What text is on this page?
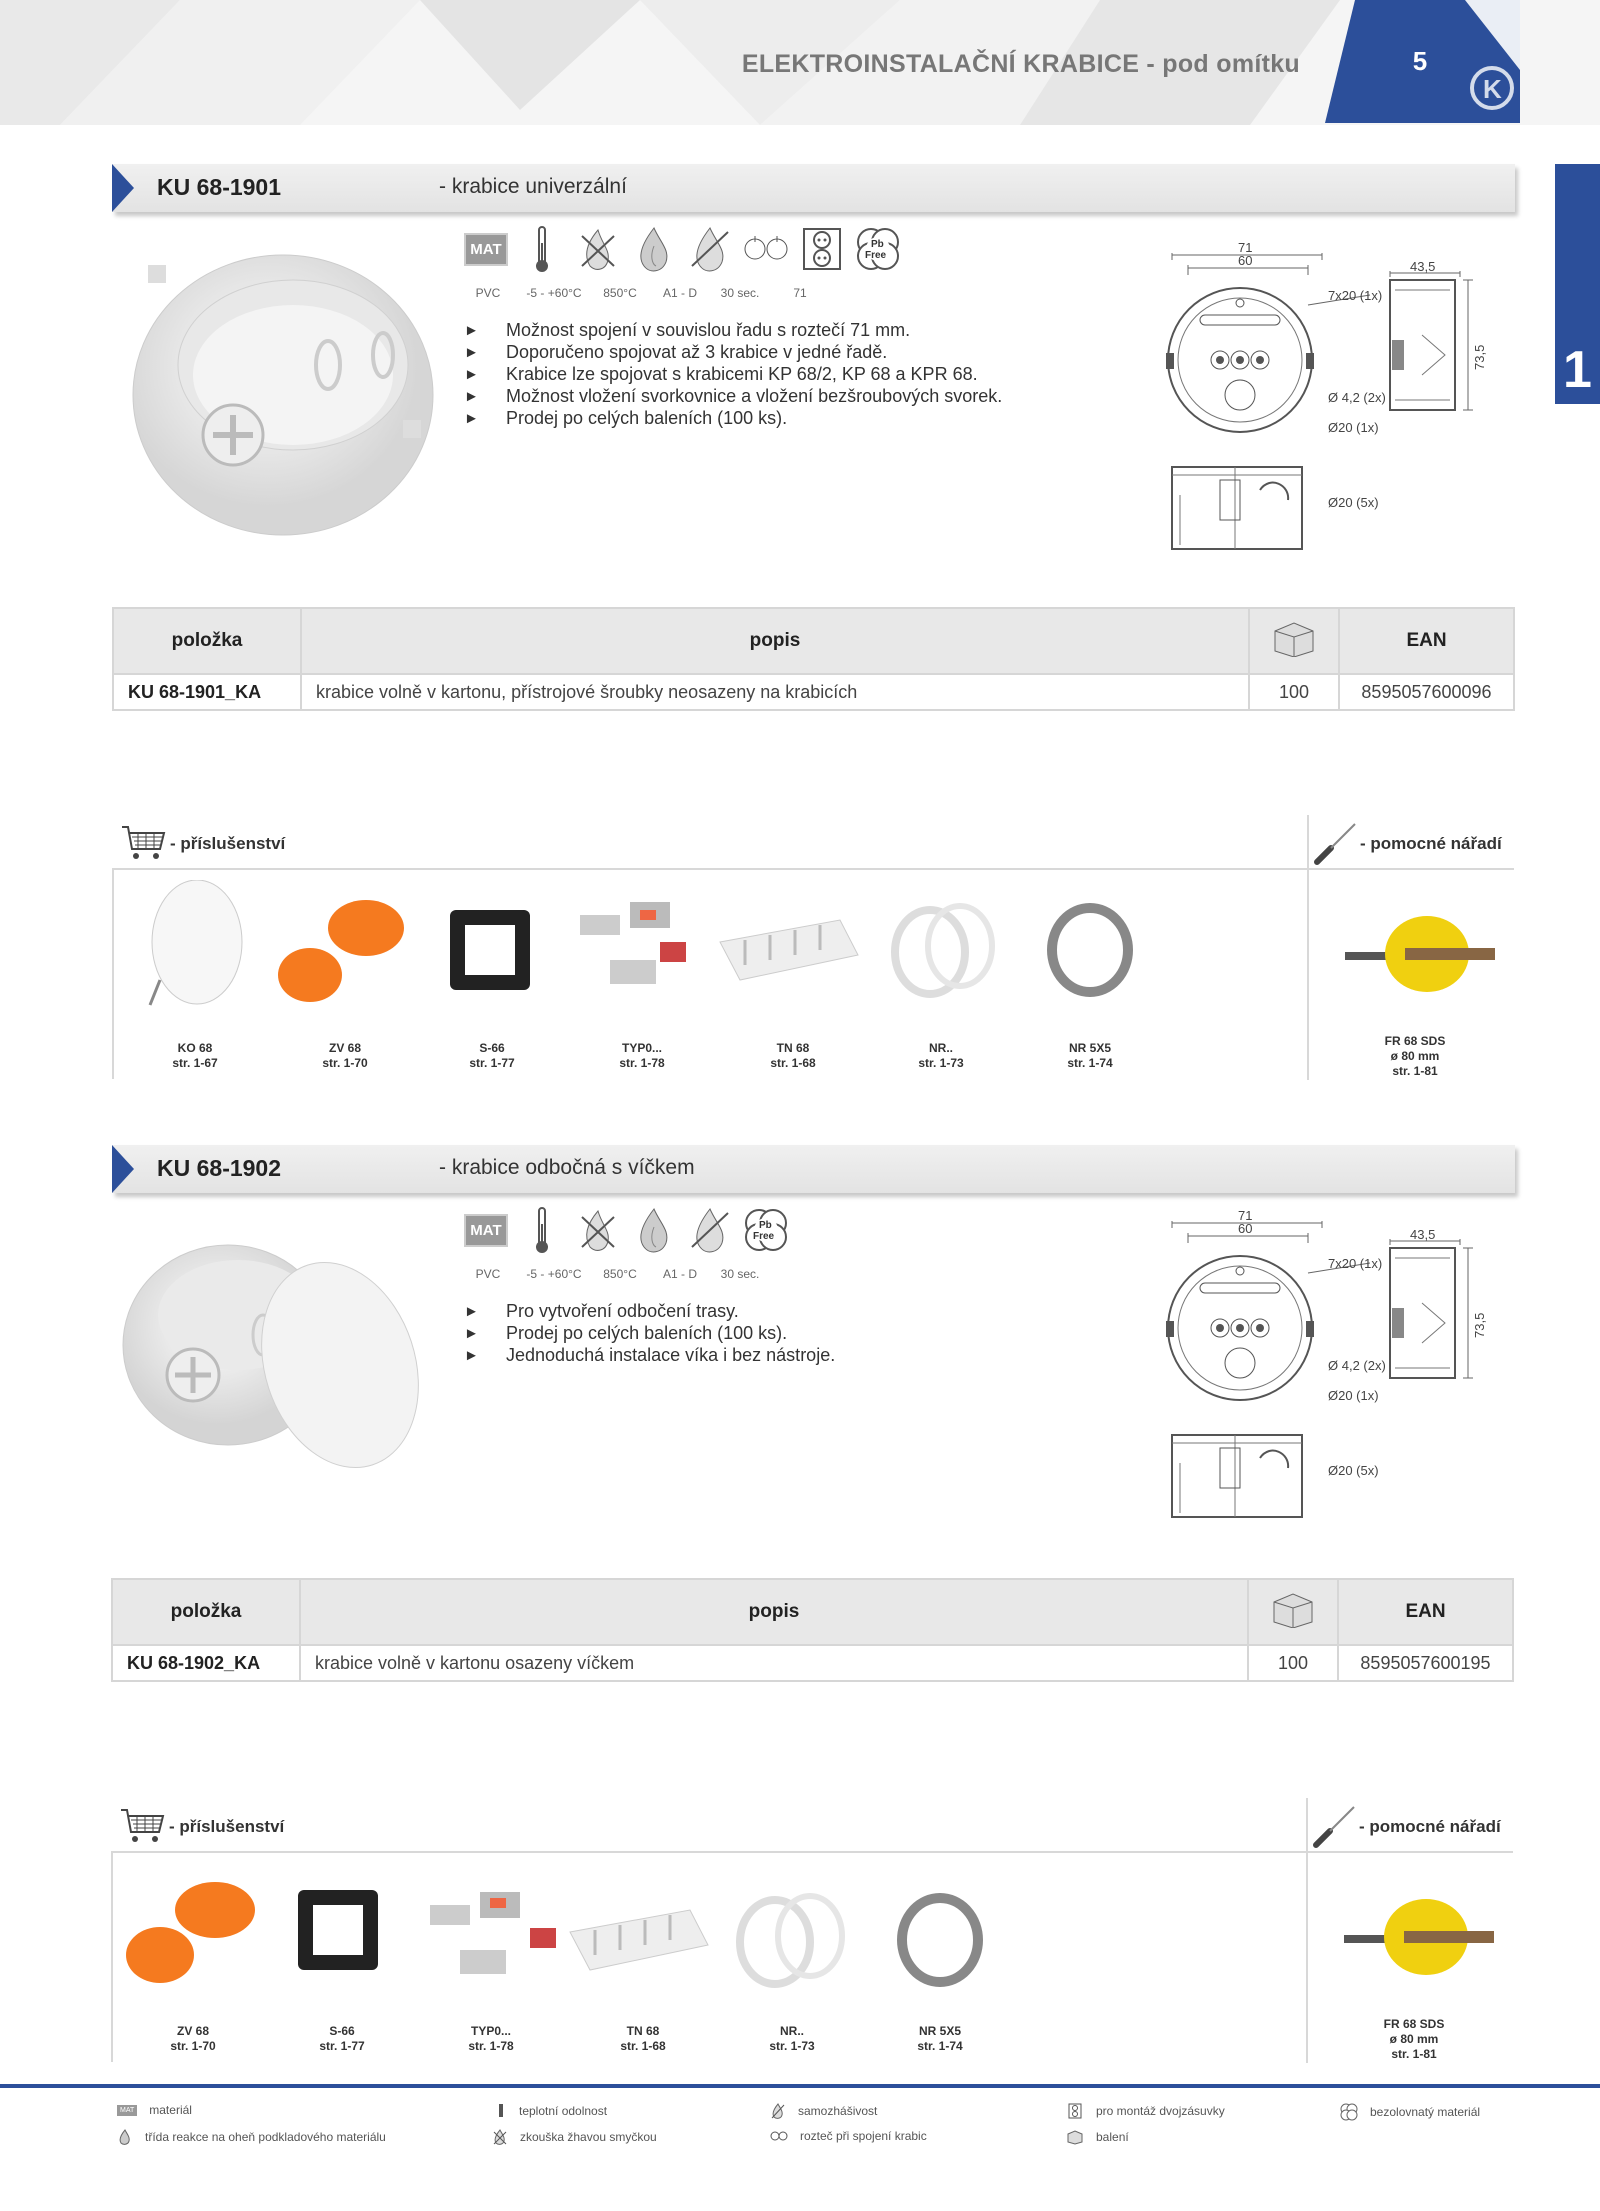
ELEKTROINSTALAČNÍ KRABICE - pod omítku
K
5
1
KU 68-1901	- krabice univerzální
MAT	Pb
Free
PVC	-5 - +60°C	850°C	A1 - D	30 sec.	71
► Možnost spojení v souvislou řadu s roztečí 71 mm.
► Doporučeno spojovat až 3 krabice v jedné řadě.
► Krabice lze spojovat s krabicemi KP 68/2, KP 68 a KPR 68.
► Možnost vložení svorkovnice a vložení bezšroubových svorek.
► Prodej po celých baleních (100 ks).
71
60
7x20 (1x)
Ø 4,2 (2x)
Ø20 (1x)
43,5
73,5
Ø20 (5x)
položka	popis		EAN
KU 68-1901_KA	krabice volně v kartonu, přístrojové šroubky neosazeny na krabicích	100	8595057600096
- příslušenství	- pomocné nářadí
KO 68
str. 1-67
ZV 68
str. 1-70
S-66
str. 1-77
TYP0...
str. 1-78
TN 68
str. 1-68
NR..
str. 1-73
NR 5X5
str. 1-74
FR 68 SDS
ø 80 mm
str. 1-81
KU 68-1902	- krabice odbočná s víčkem
MAT	Pb
Free
PVC	-5 - +60°C	850°C	A1 - D	30 sec.
► Pro vytvoření odbočení trasy.
► Prodej po celých baleních (100 ks).
► Jednoduchá instalace víka i bez nástroje.
71
60
7x20 (1x)
Ø 4,2 (2x)
Ø20 (1x)
43,5
73,5
Ø20 (5x)
položka	popis		EAN
KU 68-1902_KA	krabice volně v kartonu osazeny víčkem	100	8595057600195
- příslušenství	- pomocné nářadí
ZV 68
str. 1-70
S-66
str. 1-77
TYP0...
str. 1-78
TN 68
str. 1-68
NR..
str. 1-73
NR 5X5
str. 1-74
FR 68 SDS
ø 80 mm
str. 1-81
MAT materiál
třída reakce na oheň podkladového materiálu
teplotní odolnost
zkouška žhavou smyčkou
samozhášivost
rozteč při spojení krabic
pro montáž dvojzásuvky
balení
bezolovnatý materiál
